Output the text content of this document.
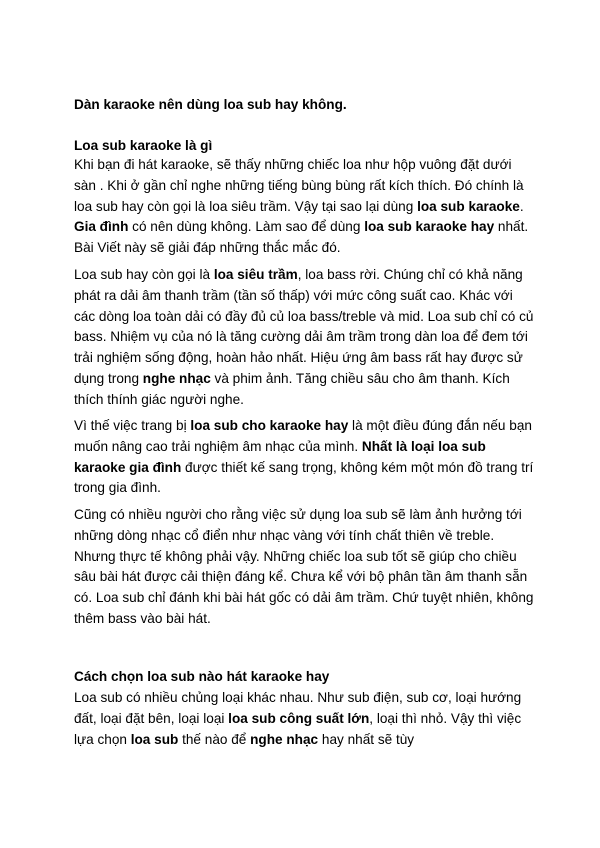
Dàn karaoke nên dùng loa sub hay không.
Loa sub karaoke là gì

Khi bạn đi hát karaoke, sẽ thấy những chiếc loa như hộp vuông đặt dưới sàn . Khi ở gần chỉ nghe những tiếng bùng bùng rất kích thích. Đó chính là loa sub hay còn gọi là loa siêu trầm. Vậy tại sao lại dùng loa sub karaoke. Gia đình có nên dùng không. Làm sao để dùng loa sub karaoke hay nhất. Bài Viết này sẽ giải đáp những thắc mắc đó.

Loa sub hay còn gọi là loa siêu trầm, loa bass rời. Chúng chỉ có khả năng phát ra dải âm thanh trầm (tần số thấp) với mức công suất cao. Khác với các dòng loa toàn dải có đầy đủ củ loa bass/treble và mid. Loa sub chỉ có củ bass. Nhiệm vụ của nó là tăng cường dải âm trầm trong dàn loa để đem tới trải nghiệm sống động, hoàn hảo nhất. Hiệu ứng âm bass rất hay được sử dụng trong nghe nhạc và phim ảnh. Tăng chiều sâu cho âm thanh. Kích thích thính giác người nghe.

Vì thế việc trang bị loa sub cho karaoke hay là một điều đúng đắn nếu bạn muốn nâng cao trải nghiệm âm nhạc của mình. Nhất là loại loa sub karaoke gia đình được thiết kế sang trọng, không kém một món đồ trang trí trong gia đình.

Cũng có nhiều người cho rằng việc sử dụng loa sub sẽ làm ảnh hưởng tới những dòng nhạc cổ điển như nhạc vàng với tính chất thiên về treble. Nhưng thực tế không phải vậy. Những chiếc loa sub tốt sẽ giúp cho chiều sâu bài hát được cải thiện đáng kể. Chưa kể với bộ phân tần âm thanh sẵn có. Loa sub chỉ đánh khi bài hát gốc có dải âm trầm. Chứ tuyệt nhiên, không thêm bass vào bài hát.

Cách chọn loa sub nào hát karaoke hay

Loa sub có nhiều chủng loại khác nhau. Như sub điện, sub cơ, loại hướng đất, loại đặt bên, loại loại loa sub công suất lớn, loại thì nhỏ. Vậy thì việc lựa chọn loa sub thế nào để nghe nhạc hay nhất sẽ tùy
